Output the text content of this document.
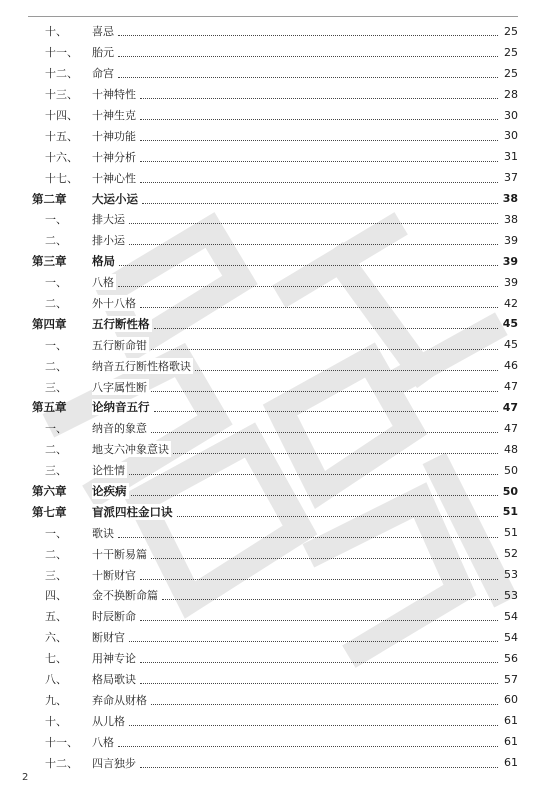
十、	喜忌	25
十一、	胎元	25
十二、	命宫	25
十三、	十神特性	28
十四、	十神生克	30
十五、	十神功能	30
十六、	十神分析	31
十七、	十神心性	37
第二章	大运小运	38
一、	排大运	38
二、	排小运	39
第三章	格局	39
一、	八格	39
二、	外十八格	42
第四章	五行断性格	45
一、	五行断命钳	45
二、	纳音五行断性格歌诀	46
三、	八字属性断	47
第五章	论纳音五行	47
一、	纳音的象意	47
二、	地支六冲象意诀	48
三、	论性情	50
第六章	论疾病	50
第七章	盲派四柱金口诀	51
一、	歌诀	51
二、	十干断易篇	52
三、	十断财官	53
四、	金不换断命篇	53
五、	时辰断命	54
六、	断财官	54
七、	用神专论	56
八、	格局歌诀	57
九、	弃命从财格	60
十、	从儿格	61
十一、	八格	61
十二、	四言独步	61
2
